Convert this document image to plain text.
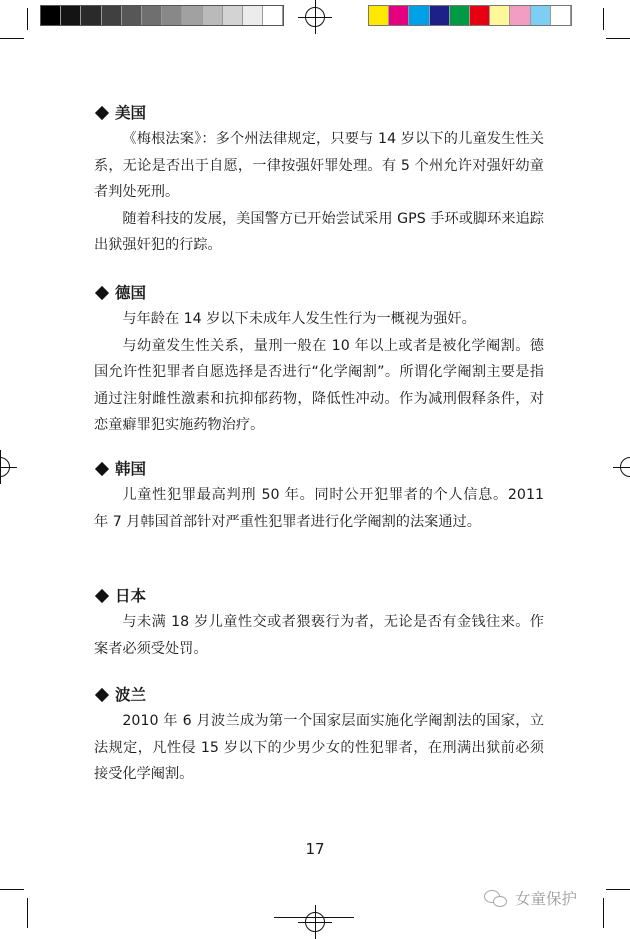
美国

《梅根法案》：多个州法律规定，只要与 14 岁以下的儿童发生性关系，无论是否出于自愿，一律按强奸罪处理。有 5 个州允许对强奸幼童者判处死刑。

随着科技的发展，美国警方已开始尝试采用 GPS 手环或脚环来追踪出狱强奸犯的行踪。

德国

与年龄在 14 岁以下未成年人发生性行为一概视为强奸。

与幼童发生性关系，量刑一般在 10 年以上或者是被化学阉割。德国允许性犯罪者自愿选择是否进行“化学阉割”。所谓化学阉割主要是指通过注射雌性激素和抗抑郁药物，降低性冲动。作为减刑假释条件，对恋童癖罪犯实施药物治疗。

韩国

儿童性犯罪最高判刑 50 年。同时公开犯罪者的个人信息。2011 年 7 月韩国首部针对严重性犯罪者进行化学阉割的法案通过。

日本

与未满 18 岁儿童性交或者猥亵行为者，无论是否有金钱往来。作案者必须受处罚。

波兰

2010 年 6 月波兰成为第一个国家层面实施化学阉割法的国家，立法规定，凡性侵 15 岁以下的少男少女的性犯罪者，在刑满出狱前必须接受化学阉割。

17
女童保护
